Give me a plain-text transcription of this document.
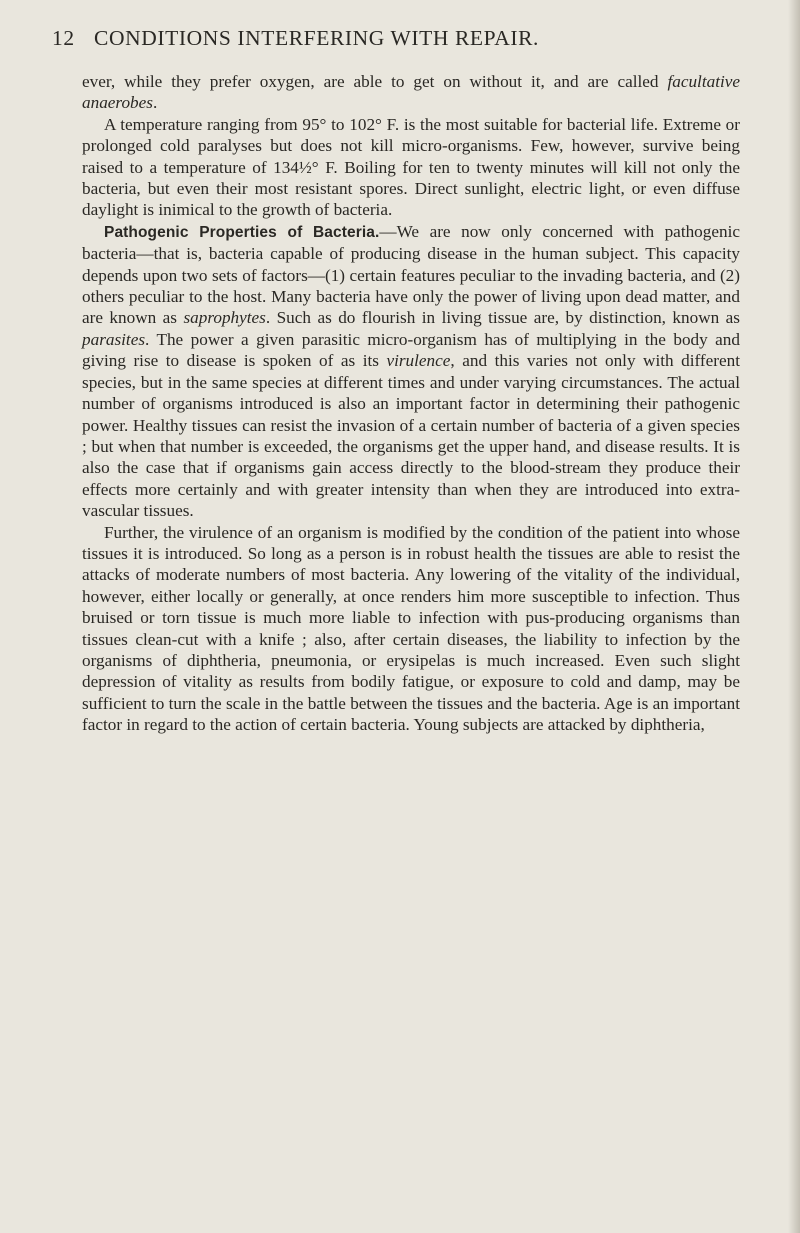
12 CONDITIONS INTERFERING WITH REPAIR.

ever, while they prefer oxygen, are able to get on without it, and are called facultative anaerobes.

A temperature ranging from 95° to 102° F. is the most suitable for bacterial life. Extreme or prolonged cold paralyses but does not kill micro-organisms. Few, however, survive being raised to a temperature of 134½° F. Boiling for ten to twenty minutes will kill not only the bacteria, but even their most resistant spores. Direct sunlight, electric light, or even diffuse daylight is inimical to the growth of bacteria.

Pathogenic Properties of Bacteria.—We are now only concerned with pathogenic bacteria—that is, bacteria capable of producing disease in the human subject. This capacity depends upon two sets of factors—(1) certain features peculiar to the invading bacteria, and (2) others peculiar to the host. Many bacteria have only the power of living upon dead matter, and are known as saprophytes. Such as do flourish in living tissue are, by distinction, known as parasites. The power a given parasitic micro-organism has of multiplying in the body and giving rise to disease is spoken of as its virulence, and this varies not only with different species, but in the same species at different times and under varying circumstances. The actual number of organisms introduced is also an important factor in determining their pathogenic power. Healthy tissues can resist the invasion of a certain number of bacteria of a given species ; but when that number is exceeded, the organisms get the upper hand, and disease results. It is also the case that if organisms gain access directly to the blood-stream they produce their effects more certainly and with greater intensity than when they are introduced into extra-vascular tissues.

Further, the virulence of an organism is modified by the condition of the patient into whose tissues it is introduced. So long as a person is in robust health the tissues are able to resist the attacks of moderate numbers of most bacteria. Any lowering of the vitality of the individual, however, either locally or generally, at once renders him more susceptible to infection. Thus bruised or torn tissue is much more liable to infection with pus-producing organisms than tissues clean-cut with a knife ; also, after certain diseases, the liability to infection by the organisms of diphtheria, pneumonia, or erysipelas is much increased. Even such slight depression of vitality as results from bodily fatigue, or exposure to cold and damp, may be sufficient to turn the scale in the battle between the tissues and the bacteria. Age is an important factor in regard to the action of certain bacteria. Young subjects are attacked by diphtheria,
